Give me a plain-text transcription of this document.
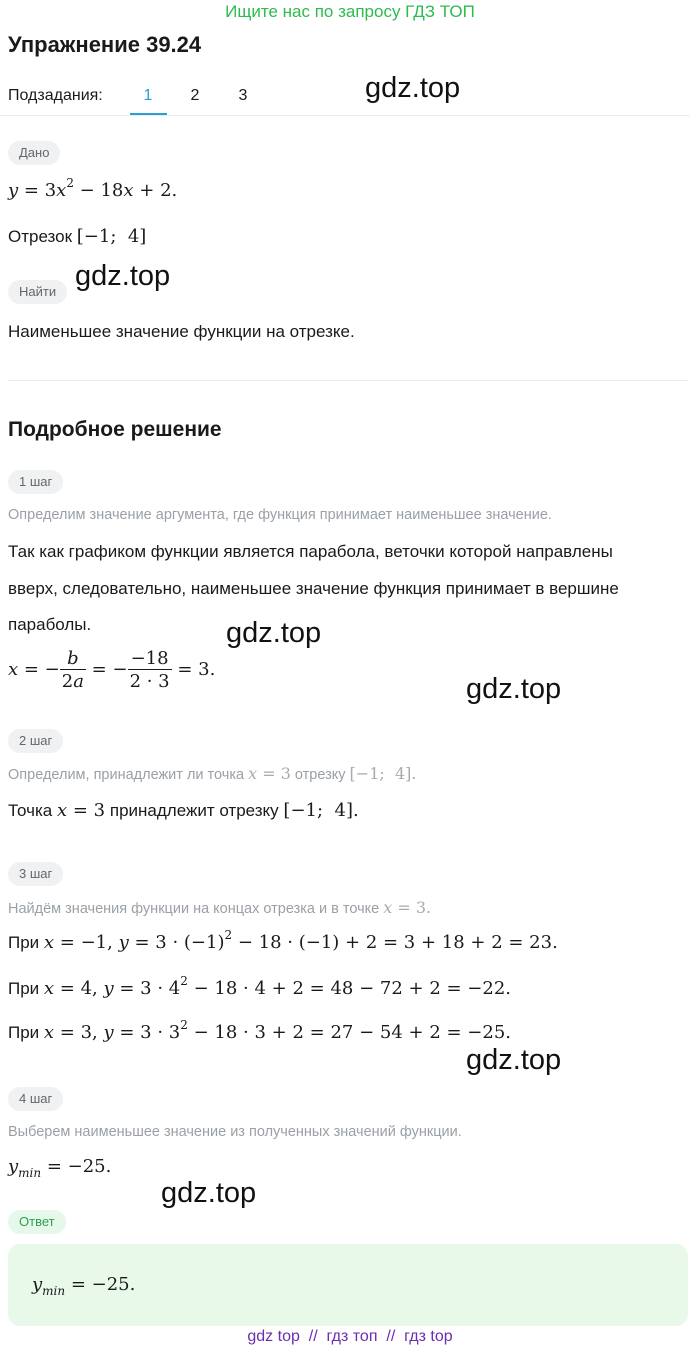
Ищите нас по запросу ГДЗ ТОП
Упражнение 39.24
Подзадания:	1	2	3	gdz.top
Дано
$y = 3x^2 - 18x + 2$.
Отрезок [−1;  4]
gdz.top
Найти
Наименьшее значение функции на отрезке.
Подробное решение
1 шаг
Определим значение аргумента, где функция принимает наименьшее значение.
Так как графиком функции является парабола, веточки которой направлены
вверх, следовательно, наименьшее значение функция принимает в вершине
параболы.	gdz.top
x = − $\frac{b}{2a}$ = − $\frac{-18}{2 \cdot 3} = 3$.
gdz.top
2 шаг
Определим, принадлежит ли точка x = 3 отрезку [−1;  4].
Точка x = 3 принадлежит отрезку [−1;  4].
3 шаг
Найдём значения функции на концах отрезка и в точке x = 3.
При x = −1, $y = 3 \cdot (-1)^2 - 18 \cdot (-1) + 2 = 3 + 18 + 2 = 23$.
При x = 4, $y = 3 \cdot 4^2 - 18 \cdot 4 + 2 = 48 - 72 + 2 = -22$.
При x = 3, $y = 3 \cdot 3^2 - 18 \cdot 3 + 2 = 27 - 54 + 2 = -25$.
gdz.top
4 шаг
Выберем наименьшее значение из полученных значений функции.
$y_{min} = -25$.
gdz.top
Ответ
$y_{min} = -25$.
gdz top  //  гдз топ  //  гдз top
